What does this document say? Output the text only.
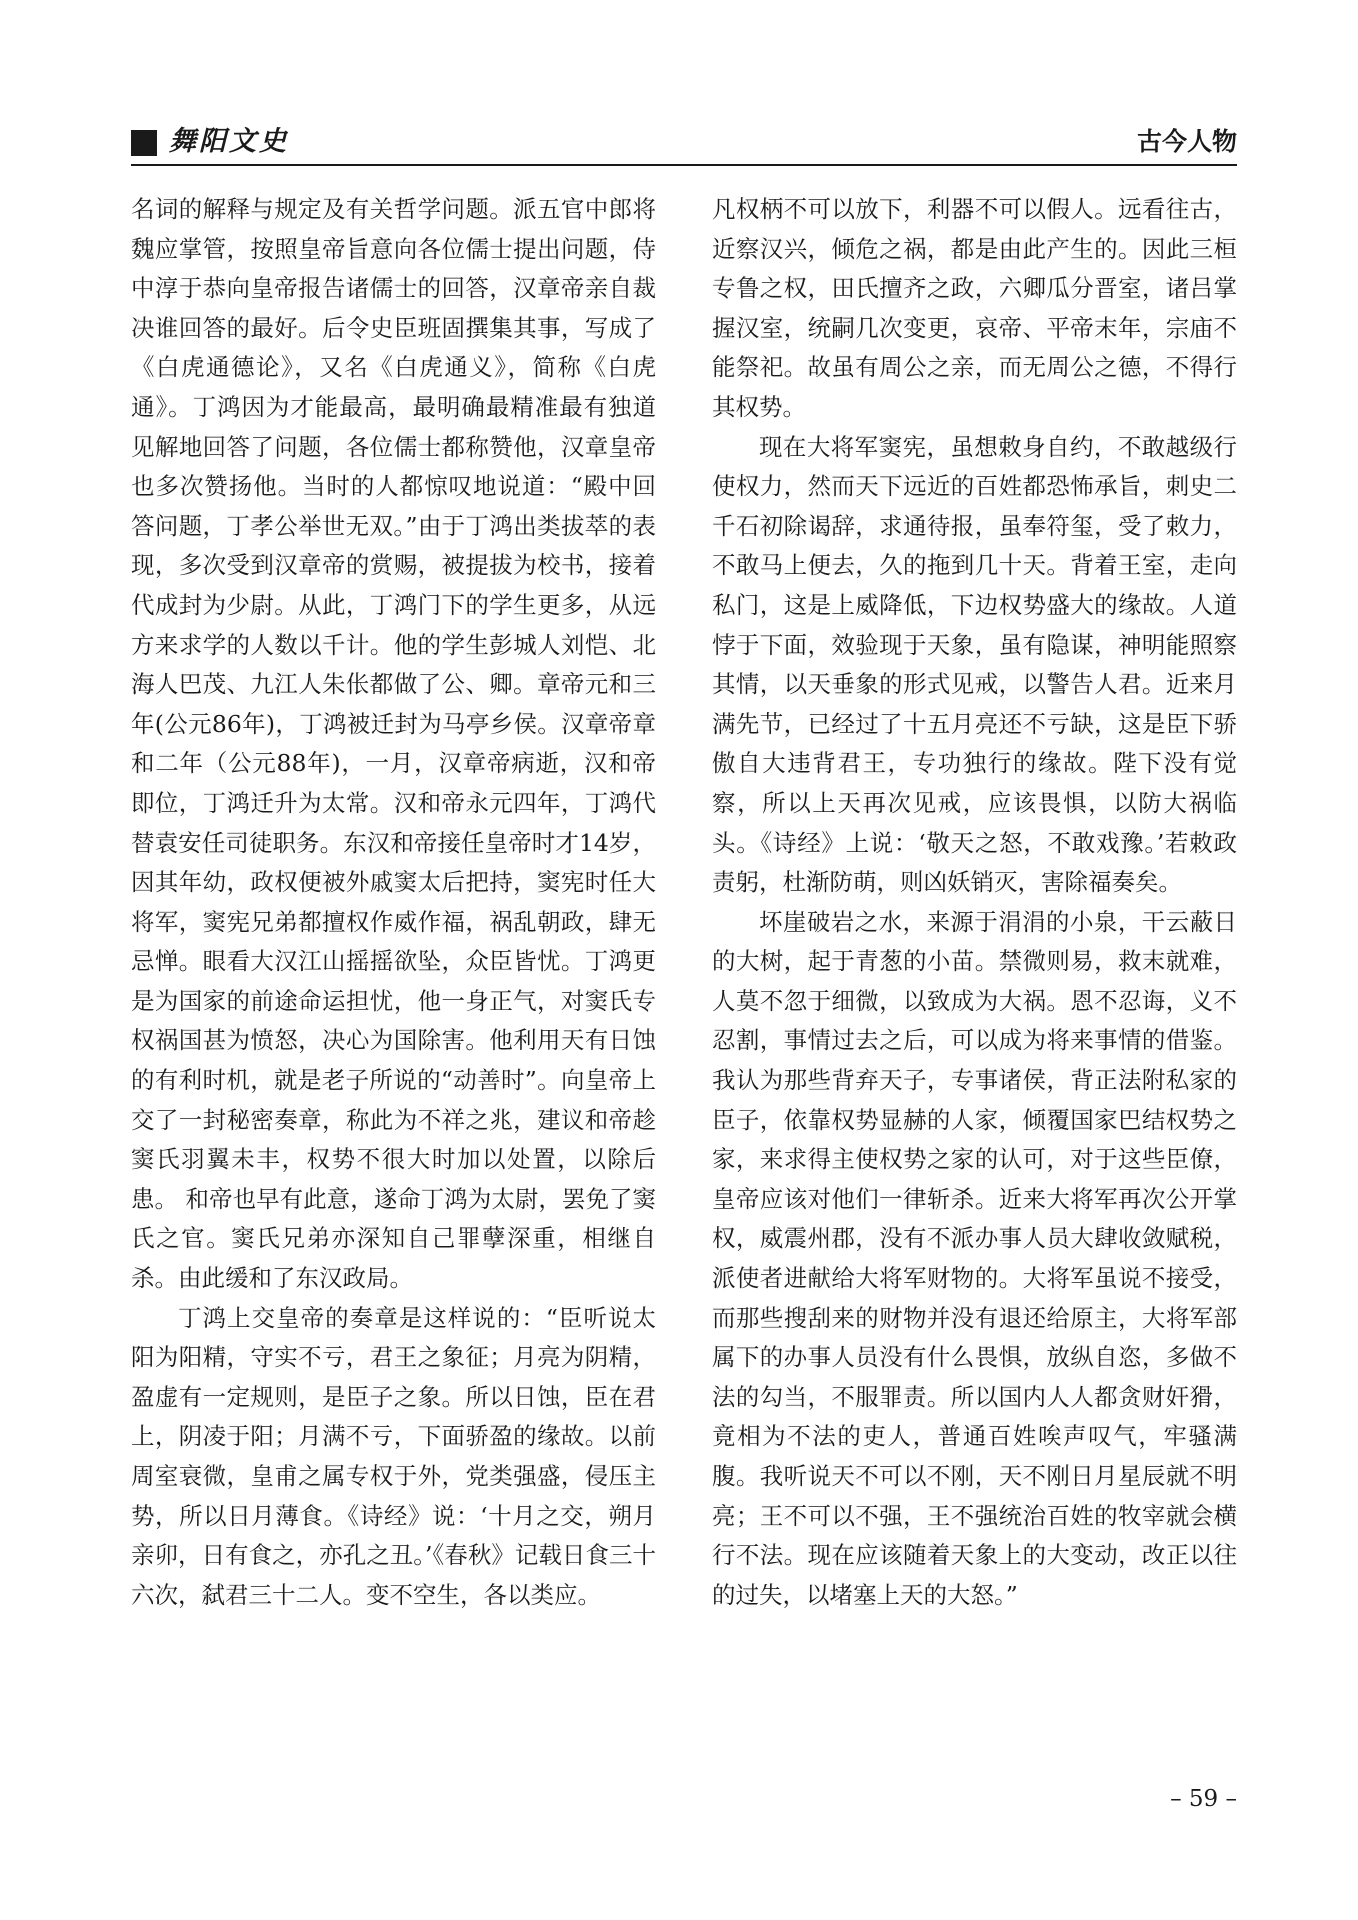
舞阳文史	古今人物

名词的解释与规定及有关哲学问题。派五官中郎将魏应掌管，按照皇帝旨意向各位儒士提出问题，侍中淳于恭向皇帝报告诸儒士的回答，汉章帝亲自裁决谁回答的最好。后令史臣班固撰集其事，写成了《白虎通德论》，又名《白虎通义》，简称《白虎通》。丁鸿因为才能最高，最明确最精准最有独道见解地回答了问题，各位儒士都称赞他，汉章皇帝也多次赞扬他。当时的人都惊叹地说道：“殿中回答问题，丁孝公举世无双。”由于丁鸿出类拔萃的表现，多次受到汉章帝的赏赐，被提拔为校书，接着代成封为少尉。从此，丁鸿门下的学生更多，从远方来求学的人数以千计。他的学生彭城人刘恺、北海人巴茂、九江人朱伥都做了公、卿。章帝元和三年(公元86年)，丁鸿被迁封为马亭乡侯。汉章帝章和二年（公元88年)，一月，汉章帝病逝，汉和帝即位，丁鸿迁升为太常。汉和帝永元四年，丁鸿代替袁安任司徒职务。东汉和帝接任皇帝时才14岁，因其年幼，政权便被外戚窦太后把持，窦宪时任大将军，窦宪兄弟都擅权作威作福，祸乱朝政，肆无忌惮。眼看大汉江山摇摇欲坠，众臣皆忧。丁鸿更是为国家的前途命运担忧，他一身正气，对窦氏专权祸国甚为愤怒，决心为国除害。他利用天有日蚀的有利时机，就是老子所说的“动善时”。向皇帝上交了一封秘密奏章，称此为不祥之兆，建议和帝趁窦氏羽翼未丰，权势不很大时加以处置，以除后患。 和帝也早有此意，遂命丁鸿为太尉，罢免了窦氏之官。窦氏兄弟亦深知自己罪孽深重，相继自杀。由此缓和了东汉政局。

丁鸿上交皇帝的奏章是这样说的：“臣听说太阳为阳精，守实不亏，君王之象征；月亮为阴精，盈虚有一定规则，是臣子之象。所以日蚀，臣在君上，阴凌于阳；月满不亏，下面骄盈的缘故。以前周室衰微，皇甫之属专权于外，党类强盛，侵压主势，所以日月薄食。《诗经》说：‘十月之交，朔月亲卯，日有食之，亦孔之丑。’《春秋》记载日食三十六次，弑君三十二人。变不空生，各以类应。

凡权柄不可以放下，利器不可以假人。远看往古，近察汉兴，倾危之祸，都是由此产生的。因此三桓专鲁之权，田氏擅齐之政，六卿瓜分晋室，诸吕掌握汉室，统嗣几次变更，哀帝、平帝末年，宗庙不能祭祀。故虽有周公之亲，而无周公之德，不得行其权势。

现在大将军窦宪，虽想敕身自约，不敢越级行使权力，然而天下远近的百姓都恐怖承旨，刺史二千石初除谒辞，求通待报，虽奉符玺，受了敕力，不敢马上便去，久的拖到几十天。背着王室，走向私门，这是上威降低，下边权势盛大的缘故。人道悖于下面，效验现于天象，虽有隐谋，神明能照察其情，以天垂象的形式见戒，以警告人君。近来月满先节，已经过了十五月亮还不亏缺，这是臣下骄傲自大违背君王，专功独行的缘故。陛下没有觉察，所以上天再次见戒，应该畏惧，以防大祸临头。《诗经》上说：‘敬天之怒，不敢戏豫。’若敕政责躬，杜渐防萌，则凶妖销灭，害除福奏矣。

坏崖破岩之水，来源于涓涓的小泉，干云蔽日的大树，起于青葱的小苗。禁微则易，救末就难，人莫不忽于细微，以致成为大祸。恩不忍诲，义不忍割，事情过去之后，可以成为将来事情的借鉴。我认为那些背弃天子，专事诸侯，背正法附私家的臣子，依靠权势显赫的人家，倾覆国家巴结权势之家，来求得主使权势之家的认可，对于这些臣僚，皇帝应该对他们一律斩杀。近来大将军再次公开掌权，威震州郡，没有不派办事人员大肆收敛赋税，派使者进献给大将军财物的。大将军虽说不接受，而那些搜刮来的财物并没有退还给原主，大将军部属下的办事人员没有什么畏惧，放纵自恣，多做不法的勾当，不服罪责。所以国内人人都贪财奸猾，竟相为不法的吏人，普通百姓唉声叹气，牢骚满腹。我听说天不可以不刚，天不刚日月星辰就不明亮；王不可以不强，王不强统治百姓的牧宰就会横行不法。现在应该随着天象上的大变动，改正以往的过失，以堵塞上天的大怒。”

– 59 –
